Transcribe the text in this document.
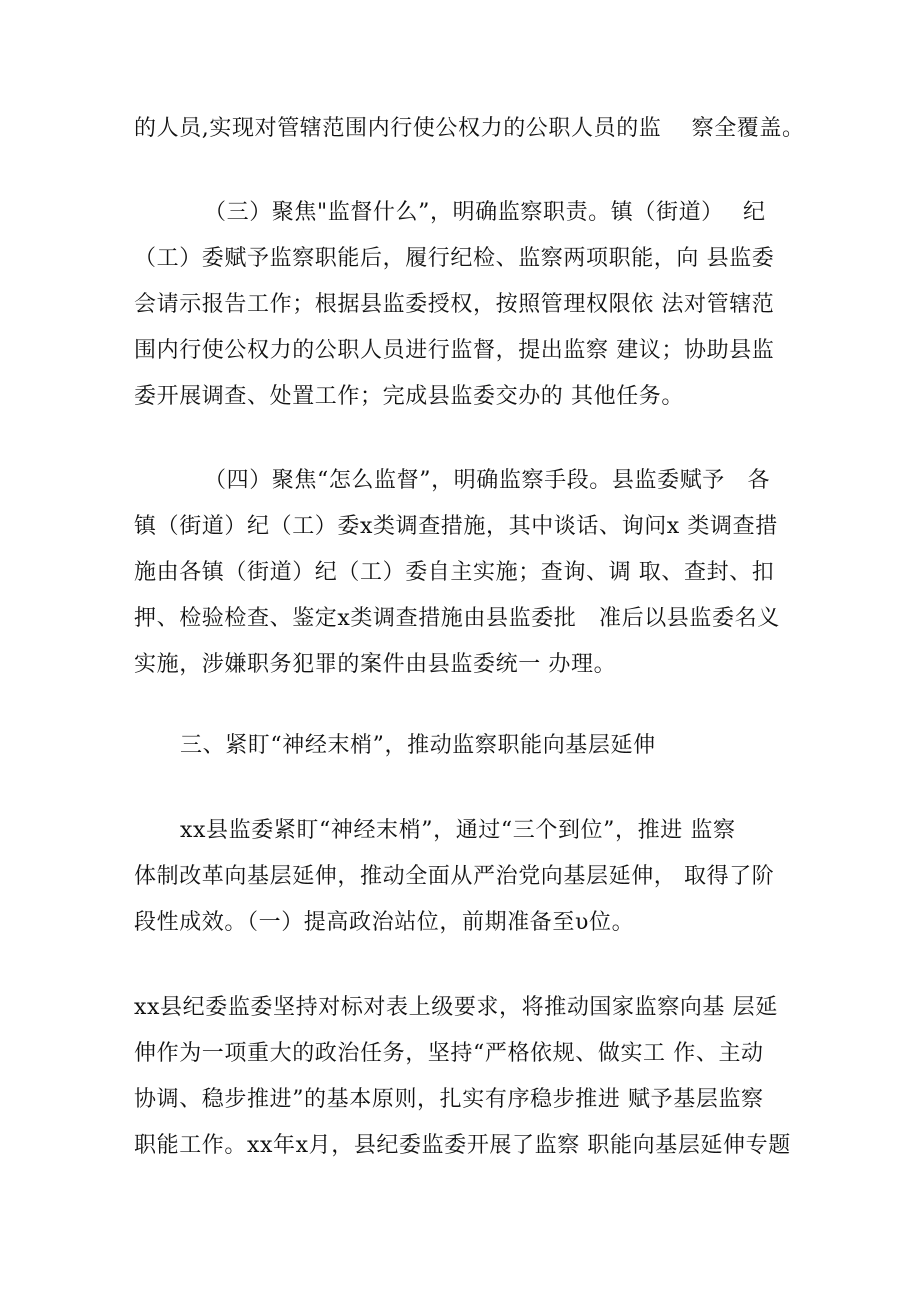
的人员,实现对管辖范围内行使公权力的公职人员的监　 察全覆盖。
（三）聚焦"监督什么”，明确监察职责。镇（街道）　 纪
（工）委赋予监察职能后，履行纪检、监察两项职能，向 县监委
会请示报告工作；根据县监委授权，按照管理权限依 法对管辖范
围内行使公权力的公职人员进行监督，提出监察 建议；协助县监
委开展调查、处置工作；完成县监委交办的 其他任务。
（四）聚焦“怎么监督”，明确监察手段。县监委赋予　各
镇（街道）纪（工）委x类调查措施，其中谈话、询问x 类调查措
施由各镇（街道）纪（工）委自主实施；查询、调 取、查封、扣
押、检验检查、鉴定x类调查措施由县监委批　准后以县监委名义
实施，涉嫌职务犯罪的案件由县监委统一 办理。
三、紧盯“神经末梢”，推动监察职能向基层延伸
xx县监委紧盯“神经末梢”，通过“三个到位”，推进 监察
体制改革向基层延伸，推动全面从严治党向基层延伸， 取得了阶
段性成效。（一）提高政治站位，前期准备至υ位。
xx县纪委监委坚持对标对表上级要求，将推动国家监察向基 层延
伸作为一项重大的政治任务，坚持“严格依规、做实工 作、主动
协调、稳步推进”的基本原则，扎实有序稳步推进 赋予基层监察
职能工作。xx年x月，县纪委监委开展了监察 职能向基层延伸专题
